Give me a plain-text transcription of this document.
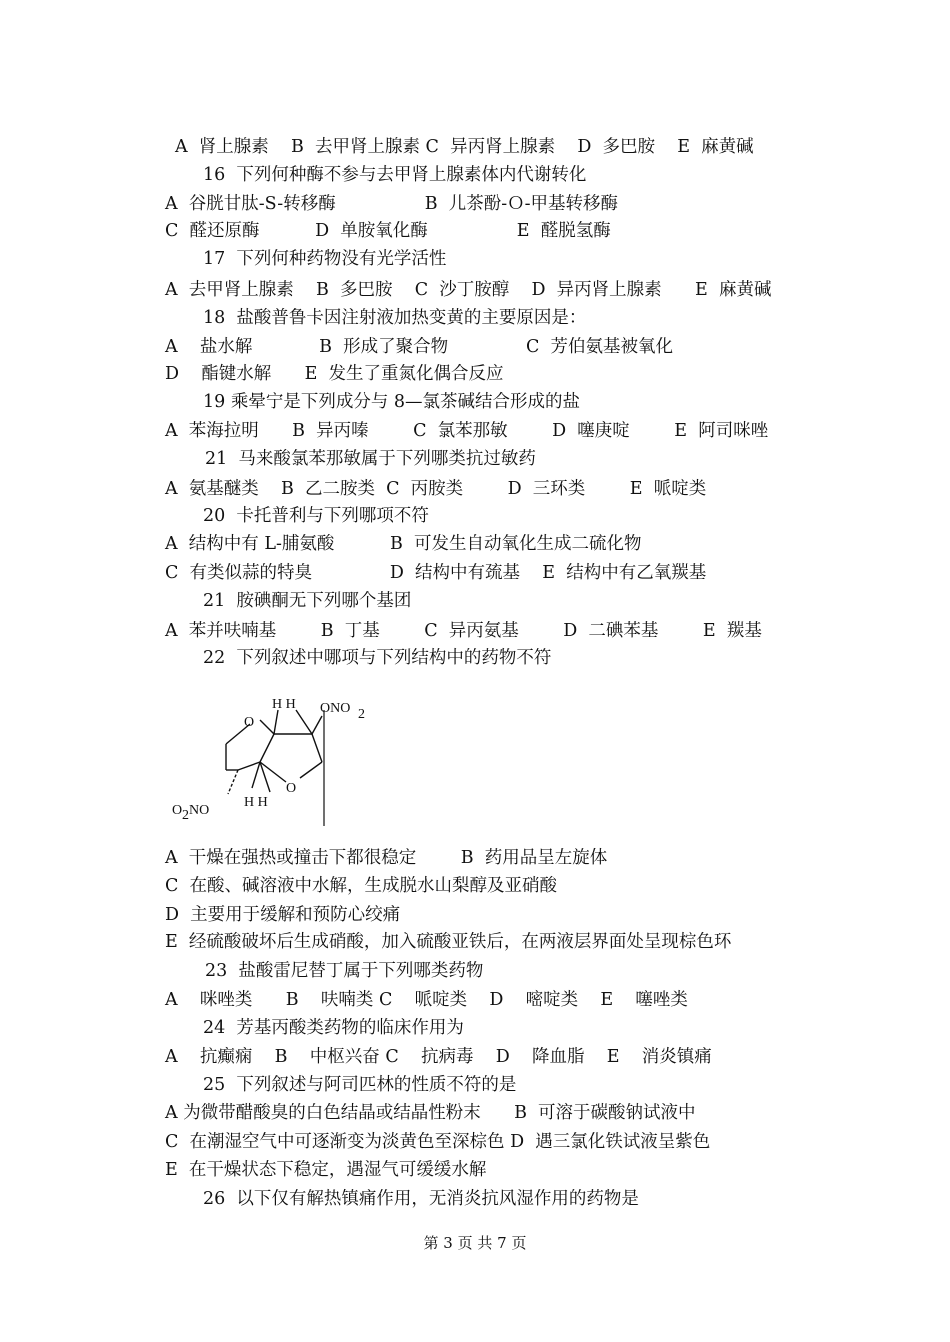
A  肾上腺素    B  去甲肾上腺素 C  异丙肾上腺素    D  多巴胺    E  麻黄碱
16  下列何种酶不参与去甲肾上腺素体内代谢转化
A  谷胱甘肽-S-转移酶                B  儿茶酚-Ｏ-甲基转移酶
C  醛还原酶          D  单胺氧化酶                E  醛脱氢酶
17  下列何种药物没有光学活性
A  去甲肾上腺素    B  多巴胺    C  沙丁胺醇    D  异丙肾上腺素      E  麻黄碱
18  盐酸普鲁卡因注射液加热变黄的主要原因是：
A    盐水解            B  形成了聚合物              C  芳伯氨基被氧化
D    酯键水解      E  发生了重氮化偶合反应
19 乘晕宁是下列成分与 8—氯茶碱结合形成的盐
A  苯海拉明      B  异丙嗪        C  氯苯那敏        D  噻庚啶        E  阿司咪唑
21  马来酸氯苯那敏属于下列哪类抗过敏药
A  氨基醚类    B  乙二胺类  C  丙胺类        D  三环类        E  哌啶类
20  卡托普利与下列哪项不符
A  结构中有 L-脯氨酸          B  可发生自动氧化生成二硫化物
C  有类似蒜的特臭              D  结构中有巯基    E  结构中有乙氧羰基
21  胺碘酮无下列哪个基团
A  苯并呋喃基        B  丁基        C  异丙氨基        D  二碘苯基        E  羰基
22  下列叙述中哪项与下列结构中的药物不符
O
H H ONO 2
O
H H
O 2 NO
A  干燥在强热或撞击下都很稳定        B  药用品呈左旋体
C  在酸、碱溶液中水解，生成脱水山梨醇及亚硝酸
D  主要用于缓解和预防心绞痛
E  经硫酸破坏后生成硝酸，加入硫酸亚铁后，在两液层界面处呈现棕色环
23  盐酸雷尼替丁属于下列哪类药物
A    咪唑类      B    呋喃类 C    哌啶类    D    嘧啶类    E    噻唑类
24  芳基丙酸类药物的临床作用为
A    抗癫痫    B    中枢兴奋 C    抗病毒    D    降血脂    E    消炎镇痛
25  下列叙述与阿司匹林的性质不符的是
A 为微带醋酸臭的白色结晶或结晶性粉末      B  可溶于碳酸钠试液中
C  在潮湿空气中可逐渐变为淡黄色至深棕色 D  遇三氯化铁试液呈紫色
E  在干燥状态下稳定，遇湿气可缓缓水解
26  以下仅有解热镇痛作用，无消炎抗风湿作用的药物是
第 3 页 共 7 页
